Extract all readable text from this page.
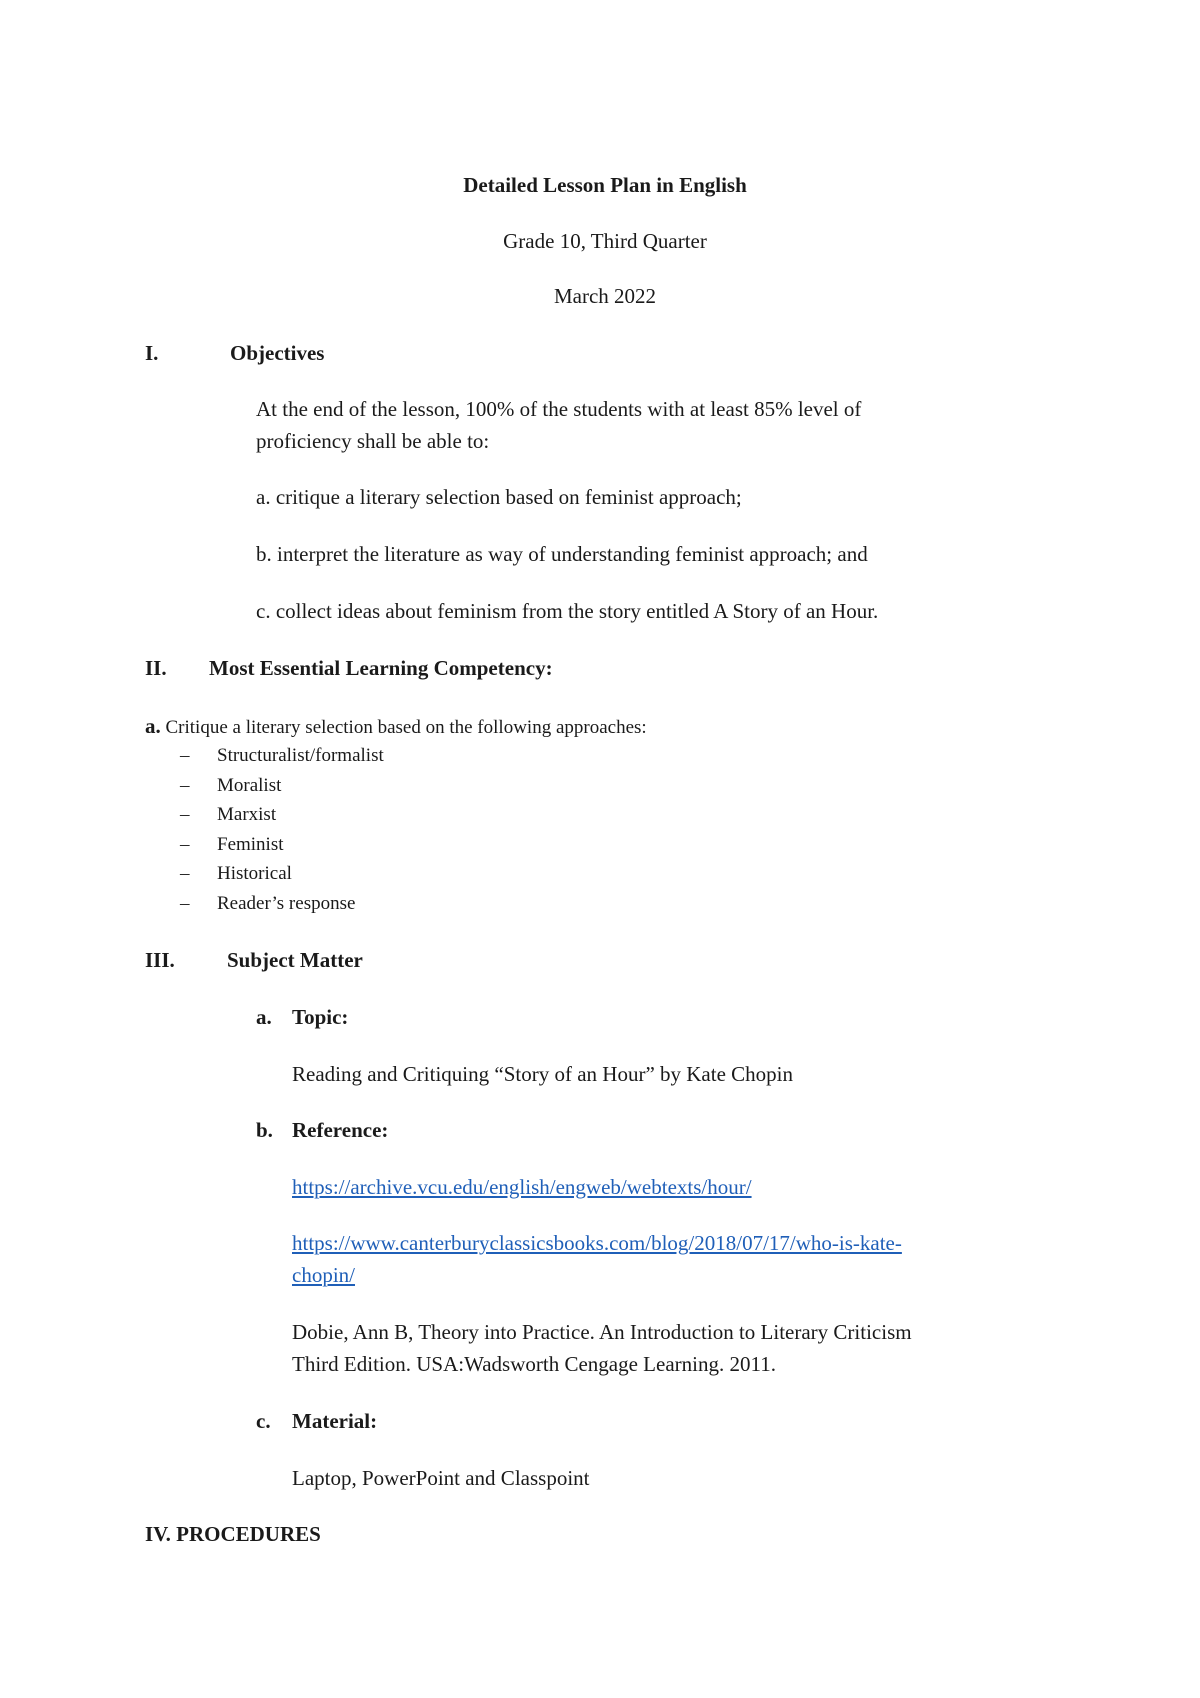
Detailed Lesson Plan in English
Grade 10, Third Quarter
March 2022
I.	Objectives
At the end of the lesson, 100% of the students with at least 85% level of
proficiency shall be able to:
a. critique a literary selection based on feminist approach;
b. interpret the literature as way of understanding feminist approach; and
c. collect ideas about feminism from the story entitled A Story of an Hour.
II. Most Essential Learning Competency:
a. Critique a literary selection based on the following approaches:
– Structuralist/formalist
– Moralist
– Marxist
– Feminist
– Historical
– Reader’s response
III. Subject Matter
a. Topic:
Reading and Critiquing “Story of an Hour” by Kate Chopin
b. Reference:
https://archive.vcu.edu/english/engweb/webtexts/hour/
https://www.canterburyclassicsbooks.com/blog/2018/07/17/who-is-kate-
chopin/
Dobie, Ann B, Theory into Practice. An Introduction to Literary Criticism
Third Edition. USA:Wadsworth Cengage Learning. 2011.
c. Material:
Laptop, PowerPoint and Classpoint
IV. PROCEDURES
